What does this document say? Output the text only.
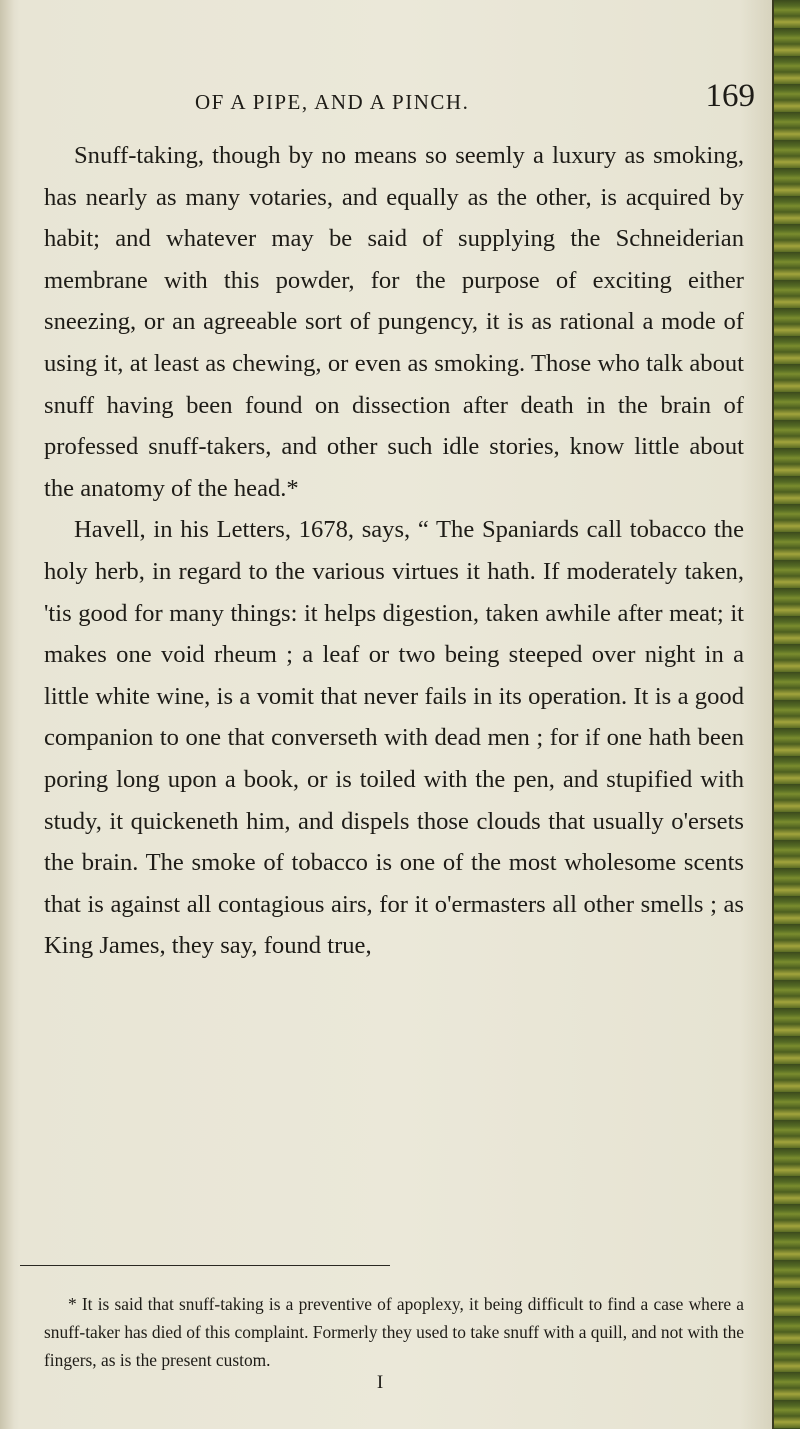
OF A PIPE, AND A PINCH.	169

Snuff-taking, though by no means so seemly a luxury as smoking, has nearly as many votaries, and equally as the other, is acquired by habit; and whatever may be said of supplying the Schneiderian membrane with this powder, for the purpose of exciting either sneezing, or an agreeable sort of pungency, it is as rational a mode of using it, at least as chewing, or even as smoking. Those who talk about snuff having been found on dissection after death in the brain of professed snuff-takers, and other such idle stories, know little about the anatomy of the head.*

Havell, in his Letters, 1678, says, “ The Spaniards call tobacco the holy herb, in regard to the various virtues it hath. If moderately taken, 'tis good for many things: it helps digestion, taken awhile after meat; it makes one void rheum ; a leaf or two being steeped over night in a little white wine, is a vomit that never fails in its operation. It is a good companion to one that converseth with dead men ; for if one hath been poring long upon a book, or is toiled with the pen, and stupified with study, it quickeneth him, and dispels those clouds that usually o'ersets the brain. The smoke of tobacco is one of the most wholesome scents that is against all contagious airs, for it o'ermasters all other smells ; as King James, they say, found true,

* It is said that snuff-taking is a preventive of apoplexy, it being difficult to find a case where a snuff-taker has died of this complaint. Formerly they used to take snuff with a quill, and not with the fingers, as is the present custom.

I
